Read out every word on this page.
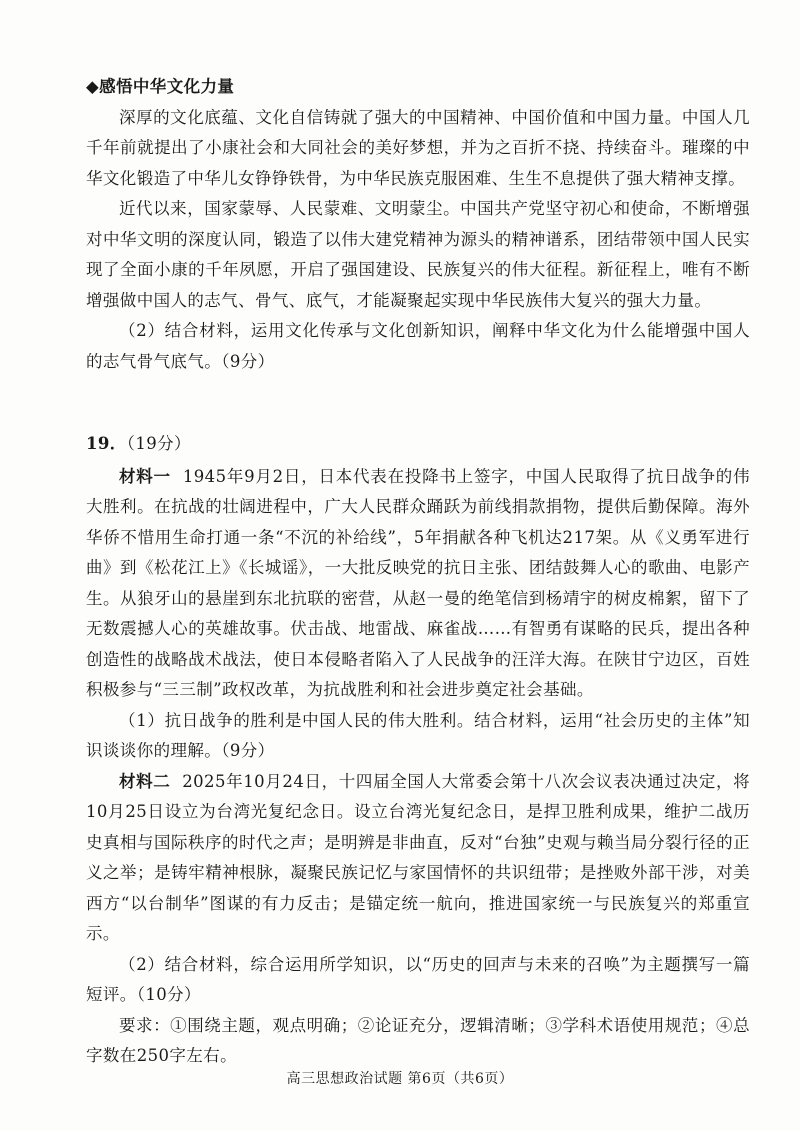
◆感悟中华文化力量

深厚的文化底蕴、文化自信铸就了强大的中国精神、中国价值和中国力量。中国人几千年前就提出了小康社会和大同社会的美好梦想，并为之百折不挠、持续奋斗。璀璨的中华文化锻造了中华儿女铮铮铁骨，为中华民族克服困难、生生不息提供了强大精神支撑。

近代以来，国家蒙辱、人民蒙难、文明蒙尘。中国共产党坚守初心和使命，不断增强对中华文明的深度认同，锻造了以伟大建党精神为源头的精神谱系，团结带领中国人民实现了全面小康的千年夙愿，开启了强国建设、民族复兴的伟大征程。新征程上，唯有不断增强做中国人的志气、骨气、底气，才能凝聚起实现中华民族伟大复兴的强大力量。

（2）结合材料，运用文化传承与文化创新知识，阐释中华文化为什么能增强中国人的志气骨气底气。（9分）

19．（19分）

材料一 1945年9月2日，日本代表在投降书上签字，中国人民取得了抗日战争的伟大胜利。在抗战的壮阔进程中，广大人民群众踊跃为前线捐款捐物，提供后勤保障。海外华侨不惜用生命打通一条“不沉的补给线”，5年捐献各种飞机达217架。从《义勇军进行曲》到《松花江上》《长城谣》，一大批反映党的抗日主张、团结鼓舞人心的歌曲、电影产生。从狼牙山的悬崖到东北抗联的密营，从赵一曼的绝笔信到杨靖宇的树皮棉絮，留下了无数震撼人心的英雄故事。伏击战、地雷战、麻雀战……有智勇有谋略的民兵，提出各种创造性的战略战术战法，使日本侵略者陷入了人民战争的汪洋大海。在陕甘宁边区，百姓积极参与“三三制”政权改革，为抗战胜利和社会进步奠定社会基础。

（1）抗日战争的胜利是中国人民的伟大胜利。结合材料，运用“社会历史的主体”知识谈谈你的理解。（9分）

材料二 2025年10月24日，十四届全国人大常委会第十八次会议表决通过决定，将10月25日设立为台湾光复纪念日。设立台湾光复纪念日，是捍卫胜利成果，维护二战历史真相与国际秩序的时代之声；是明辨是非曲直，反对“台独”史观与赖当局分裂行径的正义之举；是铸牢精神根脉，凝聚民族记忆与家国情怀的共识纽带；是挫败外部干涉，对美西方“以台制华”图谋的有力反击；是锚定统一航向，推进国家统一与民族复兴的郑重宣示。

（2）结合材料，综合运用所学知识，以“历史的回声与未来的召唤”为主题撰写一篇短评。（10分）

要求：①围绕主题，观点明确；②论证充分，逻辑清晰；③学科术语使用规范；④总字数在250字左右。

高三思想政治试题 第6页（共6页）
